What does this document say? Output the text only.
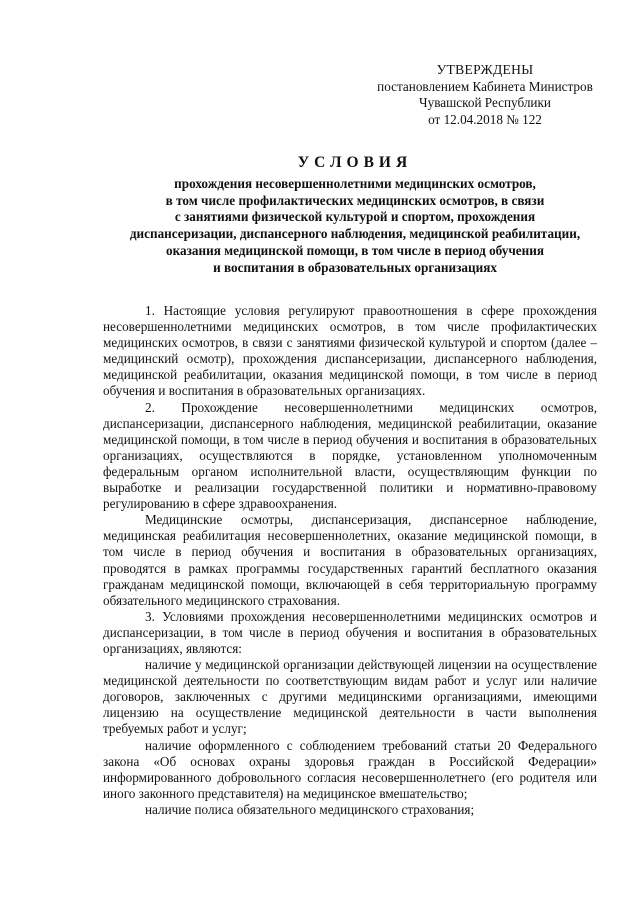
УТВЕРЖДЕНЫ
постановлением Кабинета Министров
Чувашской Республики
от 12.04.2018 № 122
УСЛОВИЯ
прохождения несовершеннолетними медицинских осмотров,
в том числе профилактических медицинских осмотров, в связи
с занятиями физической культурой и спортом, прохождения
диспансеризации, диспансерного наблюдения, медицинской реабилитации,
оказания медицинской помощи, в том числе в период обучения
и воспитания в образовательных организациях

1. Настоящие условия регулируют правоотношения в сфере прохождения несовершеннолетними медицинских осмотров, в том числе профилактических медицинских осмотров, в связи с занятиями физической культурой и спортом (далее – медицинский осмотр), прохождения диспансеризации, диспансерного наблюдения, медицинской реабилитации, оказания медицинской помощи, в том числе в период обучения и воспитания в образовательных организациях.

2. Прохождение несовершеннолетними медицинских осмотров, диспансеризации, диспансерного наблюдения, медицинской реабилитации, оказание медицинской помощи, в том числе в период обучения и воспитания в образовательных организациях, осуществляются в порядке, установленном уполномоченным федеральным органом исполнительной власти, осуществляющим функции по выработке и реализации государственной политики и нормативно-правовому регулированию в сфере здравоохранения.

Медицинские осмотры, диспансеризация, диспансерное наблюдение, медицинская реабилитация несовершеннолетних, оказание медицинской помощи, в том числе в период обучения и воспитания в образовательных организациях, проводятся в рамках программы государственных гарантий бесплатного оказания гражданам медицинской помощи, включающей в себя территориальную программу обязательного медицинского страхования.

3. Условиями прохождения несовершеннолетними медицинских осмотров и диспансеризации, в том числе в период обучения и воспитания в образовательных организациях, являются:

наличие у медицинской организации действующей лицензии на осуществление медицинской деятельности по соответствующим видам работ и услуг или наличие договоров, заключенных с другими медицинскими организациями, имеющими лицензию на осуществление медицинской деятельности в части выполнения требуемых работ и услуг;

наличие оформленного с соблюдением требований статьи 20 Федерального закона «Об основах охраны здоровья граждан в Российской Федерации» информированного добровольного согласия несовершеннолетнего (его родителя или иного законного представителя) на медицинское вмешательство;

наличие полиса обязательного медицинского страхования;
